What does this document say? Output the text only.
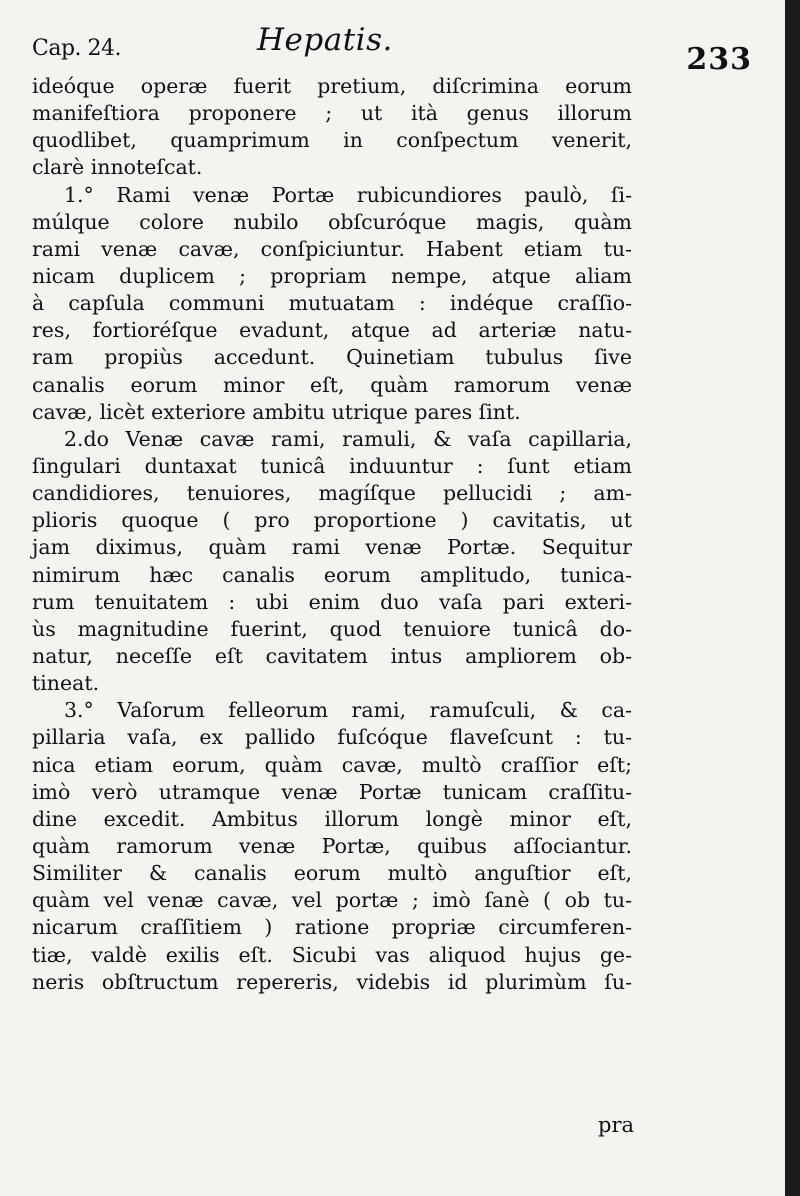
Cap. 24.	Hepatis.
233
ideóque operæ fuerit pretium, diſcrimina eorum
manifeſtiora proponere ; ut ità genus illorum
quodlibet, quamprimum in conſpectum venerit,
clarè innoteſcat.
1.° Rami venæ Portæ rubicundiores paulò, ſi-
múlque colore nubilo obſcuróque magis, quàm
rami venæ cavæ, conſpiciuntur. Habent etiam tu-
nicam duplicem ; propriam nempe, atque aliam
à capſula communi mutuatam : indéque craſſio-
res, fortioréſque evadunt, atque ad arteriæ natu-
ram propiùs accedunt. Quinetiam tubulus ſive
canalis eorum minor eſt, quàm ramorum venæ
cavæ, licèt exteriore ambitu utrique pares ſint.
2.do Venæ cavæ rami, ramuli, & vaſa capillaria,
ſingulari duntaxat tunicâ induuntur : ſunt etiam
candidiores, tenuiores, magíſque pellucidi ; am-
plioris quoque ( pro proportione ) cavitatis, ut
jam diximus, quàm rami venæ Portæ. Sequitur
nimirum hæc canalis eorum amplitudo, tunica-
rum tenuitatem : ubi enim duo vaſa pari exteri-
ùs magnitudine fuerint, quod tenuiore tunicâ do-
natur, neceſſe eſt cavitatem intus ampliorem ob-
tineat.
3.° Vaſorum felleorum rami, ramuſculi, & ca-
pillaria vaſa, ex pallido fuſcóque flaveſcunt : tu-
nica etiam eorum, quàm cavæ, multò craſſior eſt;
imò verò utramque venæ Portæ tunicam craſſitu-
dine excedit. Ambitus illorum longè minor eſt,
quàm ramorum venæ Portæ, quibus aſſociantur.
Similiter & canalis eorum multò anguſtior eſt,
quàm vel venæ cavæ, vel portæ ; imò ſanè ( ob tu-
nicarum craſſitiem ) ratione propriæ circumferen-
tiæ, valdè exilis eſt. Sicubi vas aliquod hujus ge-
neris obſtructum repereris, videbis id plurimùm ſu-
pra
